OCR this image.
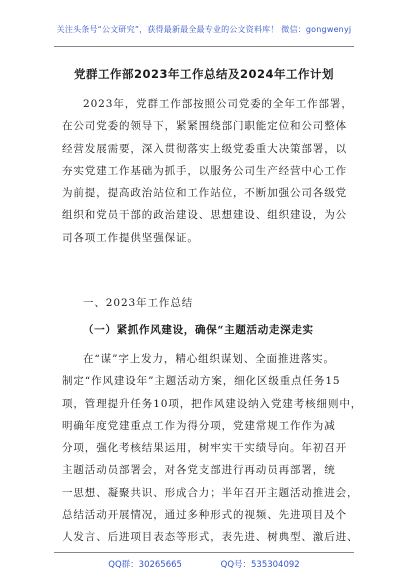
关注头条号“公文研究”，获得最新最全最专业的公文资料库！ 微信：gongwenyj
党群工作部2023年工作总结及2024年工作计划
2023年，党群工作部按照公司党委的全年工作部署，
在公司党委的领导下，紧紧围绕部门职能定位和公司整体
经营发展需要，深入贯彻落实上级党委重大决策部署，以
夯实党建工作基础为抓手，以服务公司生产经营中心工作
为前提，提高政治站位和工作站位，不断加强公司各级党
组织和党员干部的政治建设、思想建设、组织建设，为公
司各项工作提供坚强保证。
一、2023年工作总结
（一）紧抓作风建设，确保“主题活动走深走实
在“谋”字上发力，精心组织谋划、全面推进落实。
制定“作风建设年”主题活动方案，细化区级重点任务15
项，管理提升任务10项，把作风建设纳入党建考核细则中，
明确年度党建重点工作为得分项，党建常规工作作为减
分项，强化考核结果运用，树牢实干实绩导向。年初召开
主题活动员部署会，对各党支部进行再动员再部署，统
一思想、凝聚共识、形成合力；半年召开主题活动推进会，
总结活动开展情况，通过多种形式的视频、先进项目及个
人发言、后进项目表态等形式，表先进、树典型、激后进、
QQ群：30265665	QQ号：535304092
